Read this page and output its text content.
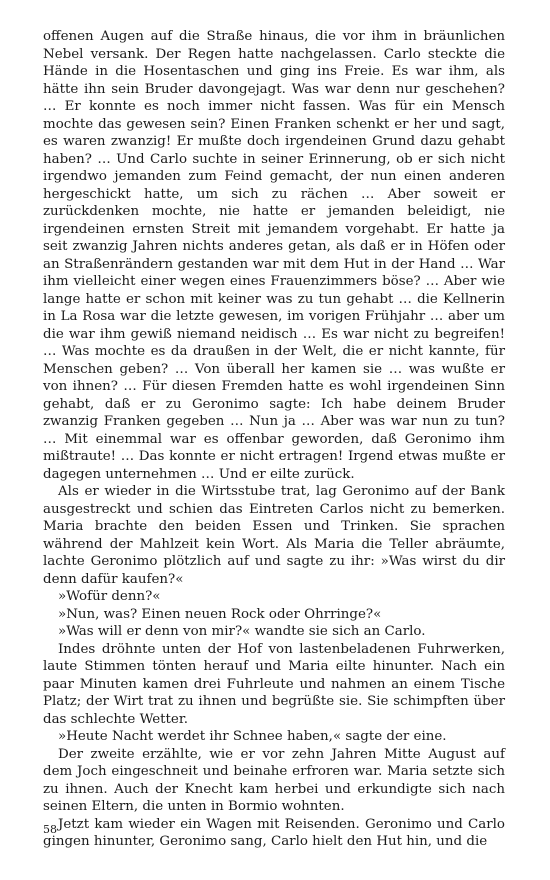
offenen Augen auf die Straße hinaus, die vor ihm in bräunlichen Nebel versank. Der Regen hatte nachgelassen. Carlo steckte die Hände in die Hosentaschen und ging ins Freie. Es war ihm, als hätte ihn sein Bruder davongejagt. Was war denn nur geschehen? … Er konnte es noch immer nicht fassen. Was für ein Mensch mochte das gewesen sein? Einen Franken schenkt er her und sagt, es waren zwanzig! Er mußte doch irgendeinen Grund dazu gehabt haben? … Und Carlo suchte in seiner Erinnerung, ob er sich nicht irgendwo jemanden zum Feind gemacht, der nun einen anderen hergeschickt hatte, um sich zu rächen … Aber soweit er zurückdenken mochte, nie hatte er jemanden beleidigt, nie irgendeinen ernsten Streit mit jemandem vorgehabt. Er hatte ja seit zwanzig Jahren nichts anderes getan, als daß er in Höfen oder an Straßenrändern gestanden war mit dem Hut in der Hand … War ihm vielleicht einer wegen eines Frauenzimmers böse? … Aber wie lange hatte er schon mit keiner was zu tun gehabt … die Kellnerin in La Rosa war die letzte gewesen, im vorigen Frühjahr … aber um die war ihm gewiß niemand neidisch … Es war nicht zu begreifen! … Was mochte es da draußen in der Welt, die er nicht kannte, für Menschen geben? … Von überall her kamen sie … was wußte er von ihnen? … Für diesen Fremden hatte es wohl irgendeinen Sinn gehabt, daß er zu Geronimo sagte: Ich habe deinem Bruder zwanzig Franken gegeben … Nun ja … Aber was war nun zu tun? … Mit einemmal war es offenbar geworden, daß Geronimo ihm mißtraute! … Das konnte er nicht ertragen! Irgend etwas mußte er dagegen unternehmen … Und er eilte zurück.

Als er wieder in die Wirtsstube trat, lag Geronimo auf der Bank ausgestreckt und schien das Eintreten Carlos nicht zu bemerken. Maria brachte den beiden Essen und Trinken. Sie sprachen während der Mahlzeit kein Wort. Als Maria die Teller abräumte, lachte Geronimo plötzlich auf und sagte zu ihr: »Was wirst du dir denn dafür kaufen?«

»Wofür denn?«

»Nun, was? Einen neuen Rock oder Ohrringe?«

»Was will er denn von mir?« wandte sie sich an Carlo.

Indes dröhnte unten der Hof von lastenbeladenen Fuhrwerken, laute Stimmen tönten herauf und Maria eilte hinunter. Nach ein paar Minuten kamen drei Fuhrleute und nahmen an einem Tische Platz; der Wirt trat zu ihnen und begrüßte sie. Sie schimpften über das schlechte Wetter.

»Heute Nacht werdet ihr Schnee haben,« sagte der eine.

Der zweite erzählte, wie er vor zehn Jahren Mitte August auf dem Joch eingeschneit und beinahe erfroren war. Maria setzte sich zu ihnen. Auch der Knecht kam herbei und erkundigte sich nach seinen Eltern, die unten in Bormio wohnten.

Jetzt kam wieder ein Wagen mit Reisenden. Geronimo und Carlo gingen hinunter, Geronimo sang, Carlo hielt den Hut hin, und die

58
